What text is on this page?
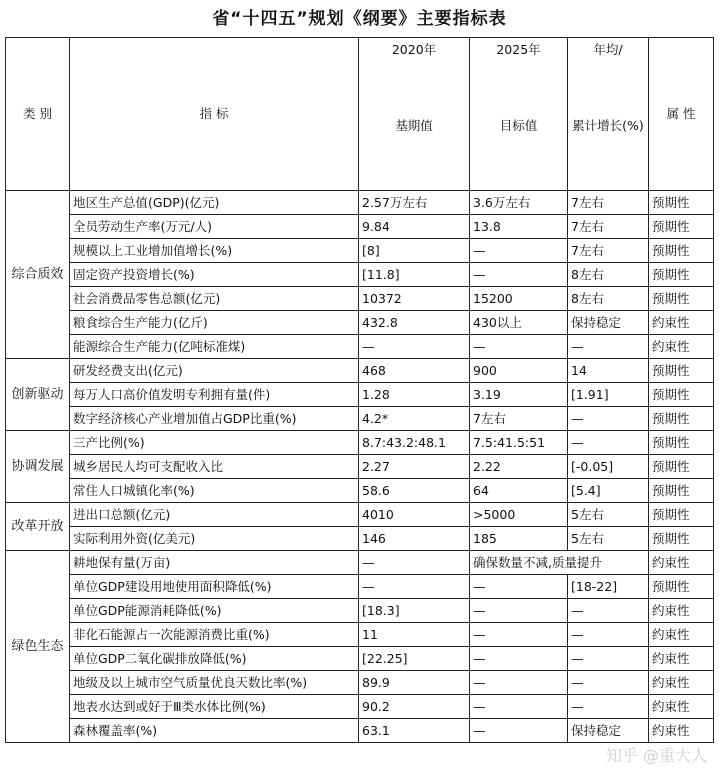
省“十四五”规划《纲要》主要指标表
类 别	指 标	2020年	2025年	年均/	属 性
		基期值	目标值	累计增长(%)	
综合质效	地区生产总值(GDP)(亿元)	2.57万左右	3.6万左右	7左右	预期性
	全员劳动生产率(万元/人)	9.84	13.8	7左右	预期性
	规模以上工业增加值增长(%)	[8]	—	7左右	预期性
	固定资产投资增长(%)	[11.8]	—	8左右	预期性
	社会消费品零售总额(亿元)	10372	15200	8左右	预期性
	粮食综合生产能力(亿斤)	432.8	430以上	保持稳定	约束性
	能源综合生产能力(亿吨标准煤)	—	—	—	约束性
创新驱动	研发经费支出(亿元)	468	900	14	预期性
	每万人口高价值发明专利拥有量(件)	1.28	3.19	[1.91]	预期性
	数字经济核心产业增加值占GDP比重(%)	4.2*	7左右	—	预期性
协调发展	三产比例(%)	8.7:43.2:48.1	7.5:41.5:51	—	预期性
	城乡居民人均可支配收入比	2.27	2.22	[-0.05]	预期性
	常住人口城镇化率(%)	58.6	64	[5.4]	预期性
改革开放	进出口总额(亿元)	4010	>5000	5左右	预期性
	实际利用外资(亿美元)	146	185	5左右	预期性
绿色生态	耕地保有量(万亩)	—	确保数量不减,质量提升		约束性
	单位GDP建设用地使用面积降低(%)	—	—	[18-22]	预期性
	单位GDP能源消耗降低(%)	[18.3]	—	—	约束性
	非化石能源占一次能源消费比重(%)	11	—	—	约束性
	单位GDP二氧化碳排放降低(%)	[22.25]	—	—	约束性
	地级及以上城市空气质量优良天数比率(%)	89.9	—	—	约束性
	地表水达到或好于Ⅲ类水体比例(%)	90.2	—	—	约束性
	森林覆盖率(%)	63.1	—	保持稳定	约束性
知乎 @重大人
